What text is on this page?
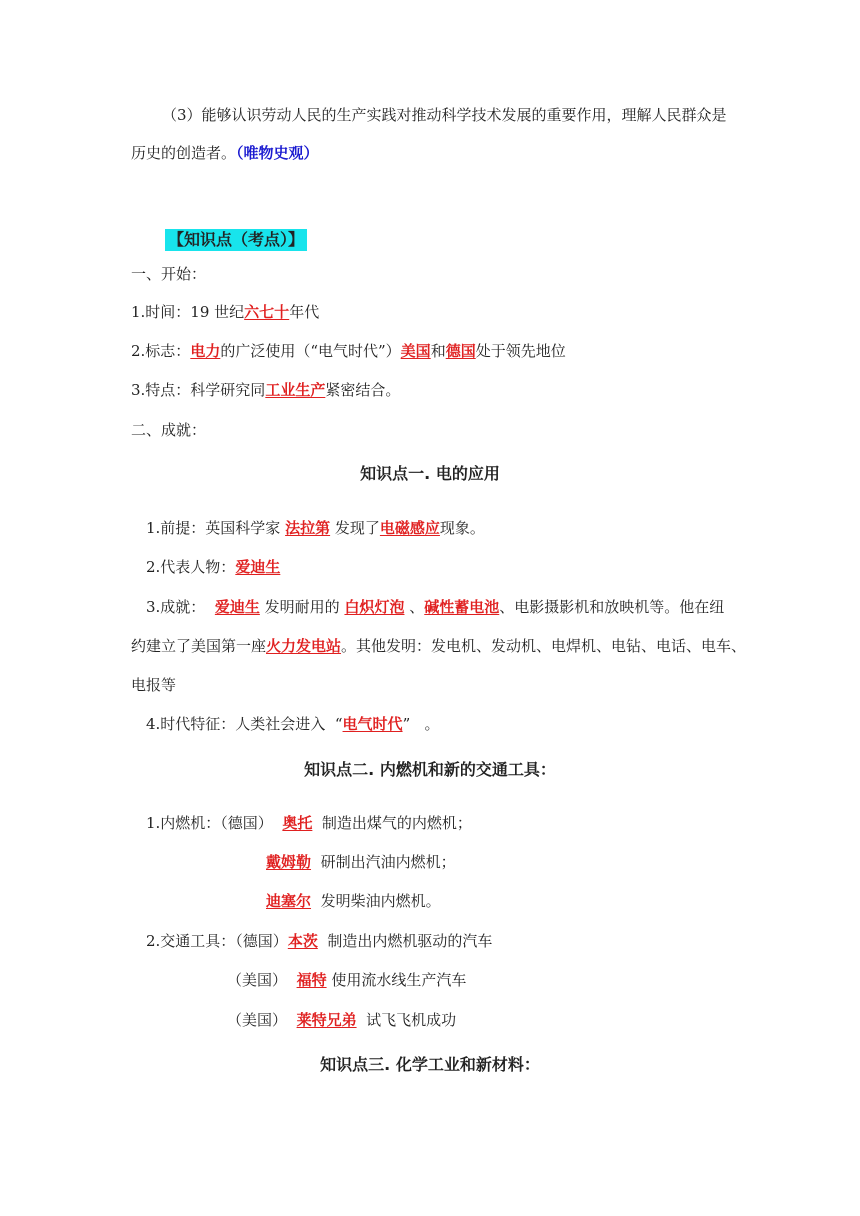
（3）能够认识劳动人民的生产实践对推动科学技术发展的重要作用，理解人民群众是
历史的创造者。（唯物史观）
【知识点（考点）】
一、开始：
1.时间：19 世纪六七十年代
2.标志：电力的广泛使用（“电气时代”）美国和德国处于领先地位
3.特点：科学研究同工业生产紧密结合。
二、成就：
知识点一. 电的应用
1.前提：英国科学家 法拉第 发现了电磁感应现象。
2.代表人物：爱迪生
3.成就： 爱迪生 发明耐用的 白炽灯泡 、碱性蓄电池、电影摄影机和放映机等。他在纽
约建立了美国第一座火力发电站。其他发明：发电机、发动机、电焊机、电钻、电话、电车、
电报等
4.时代特征：人类社会进入 “电气时代” 。
知识点二. 内燃机和新的交通工具：
1.内燃机：（德国） 奥托 制造出煤气的内燃机；
戴姆勒 研制出汽油内燃机；
迪塞尔 发明柴油内燃机。
2.交通工具：（德国）本茨 制造出内燃机驱动的汽车
（美国） 福特 使用流水线生产汽车
（美国） 莱特兄弟 试飞飞机成功
知识点三. 化学工业和新材料：
